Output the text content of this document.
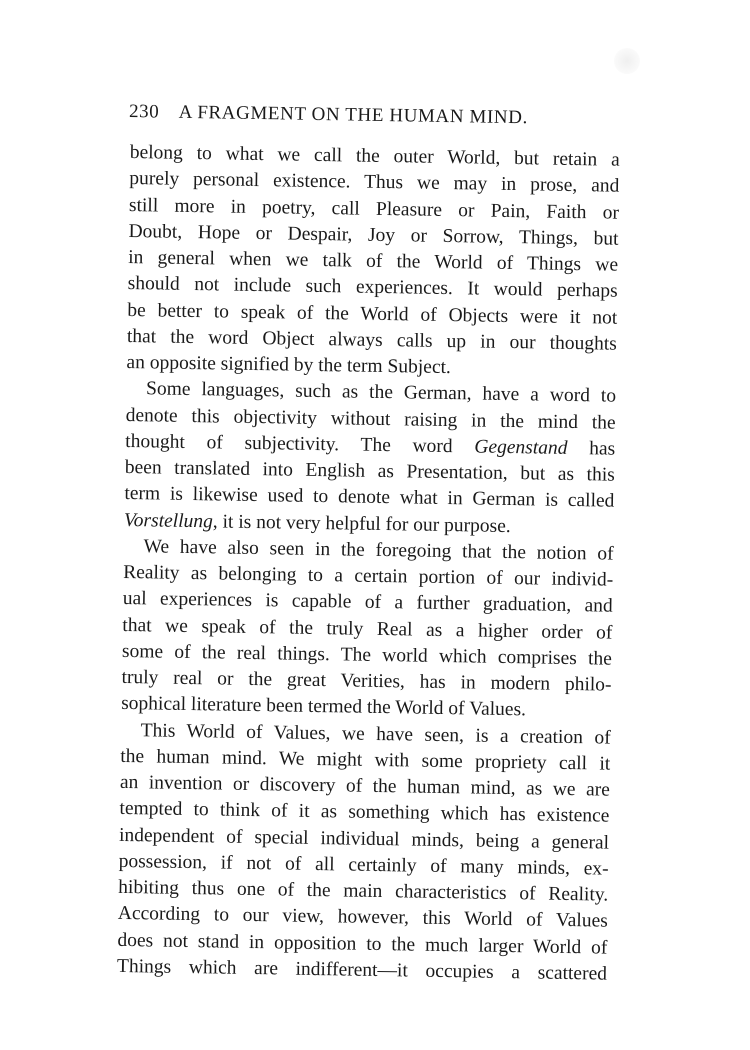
230 A FRAGMENT ON THE HUMAN MIND.
belong to what we call the outer World, but retain a
purely personal existence. Thus we may in prose, and
still more in poetry, call Pleasure or Pain, Faith or
Doubt, Hope or Despair, Joy or Sorrow, Things, but
in general when we talk of the World of Things we
should not include such experiences. It would perhaps
be better to speak of the World of Objects were it not
that the word Object always calls up in our thoughts
an opposite signified by the term Subject.
Some languages, such as the German, have a word to
denote this objectivity without raising in the mind the
thought of subjectivity. The word Gegenstand has
been translated into English as Presentation, but as this
term is likewise used to denote what in German is called
Vorstellung, it is not very helpful for our purpose.
We have also seen in the foregoing that the notion of
Reality as belonging to a certain portion of our individ-
ual experiences is capable of a further graduation, and
that we speak of the truly Real as a higher order of
some of the real things. The world which comprises the
truly real or the great Verities, has in modern philo-
sophical literature been termed the World of Values.
This World of Values, we have seen, is a creation of
the human mind. We might with some propriety call it
an invention or discovery of the human mind, as we are
tempted to think of it as something which has existence
independent of special individual minds, being a general
possession, if not of all certainly of many minds, ex-
hibiting thus one of the main characteristics of Reality.
According to our view, however, this World of Values
does not stand in opposition to the much larger World of
Things which are indifferent—it occupies a scattered
